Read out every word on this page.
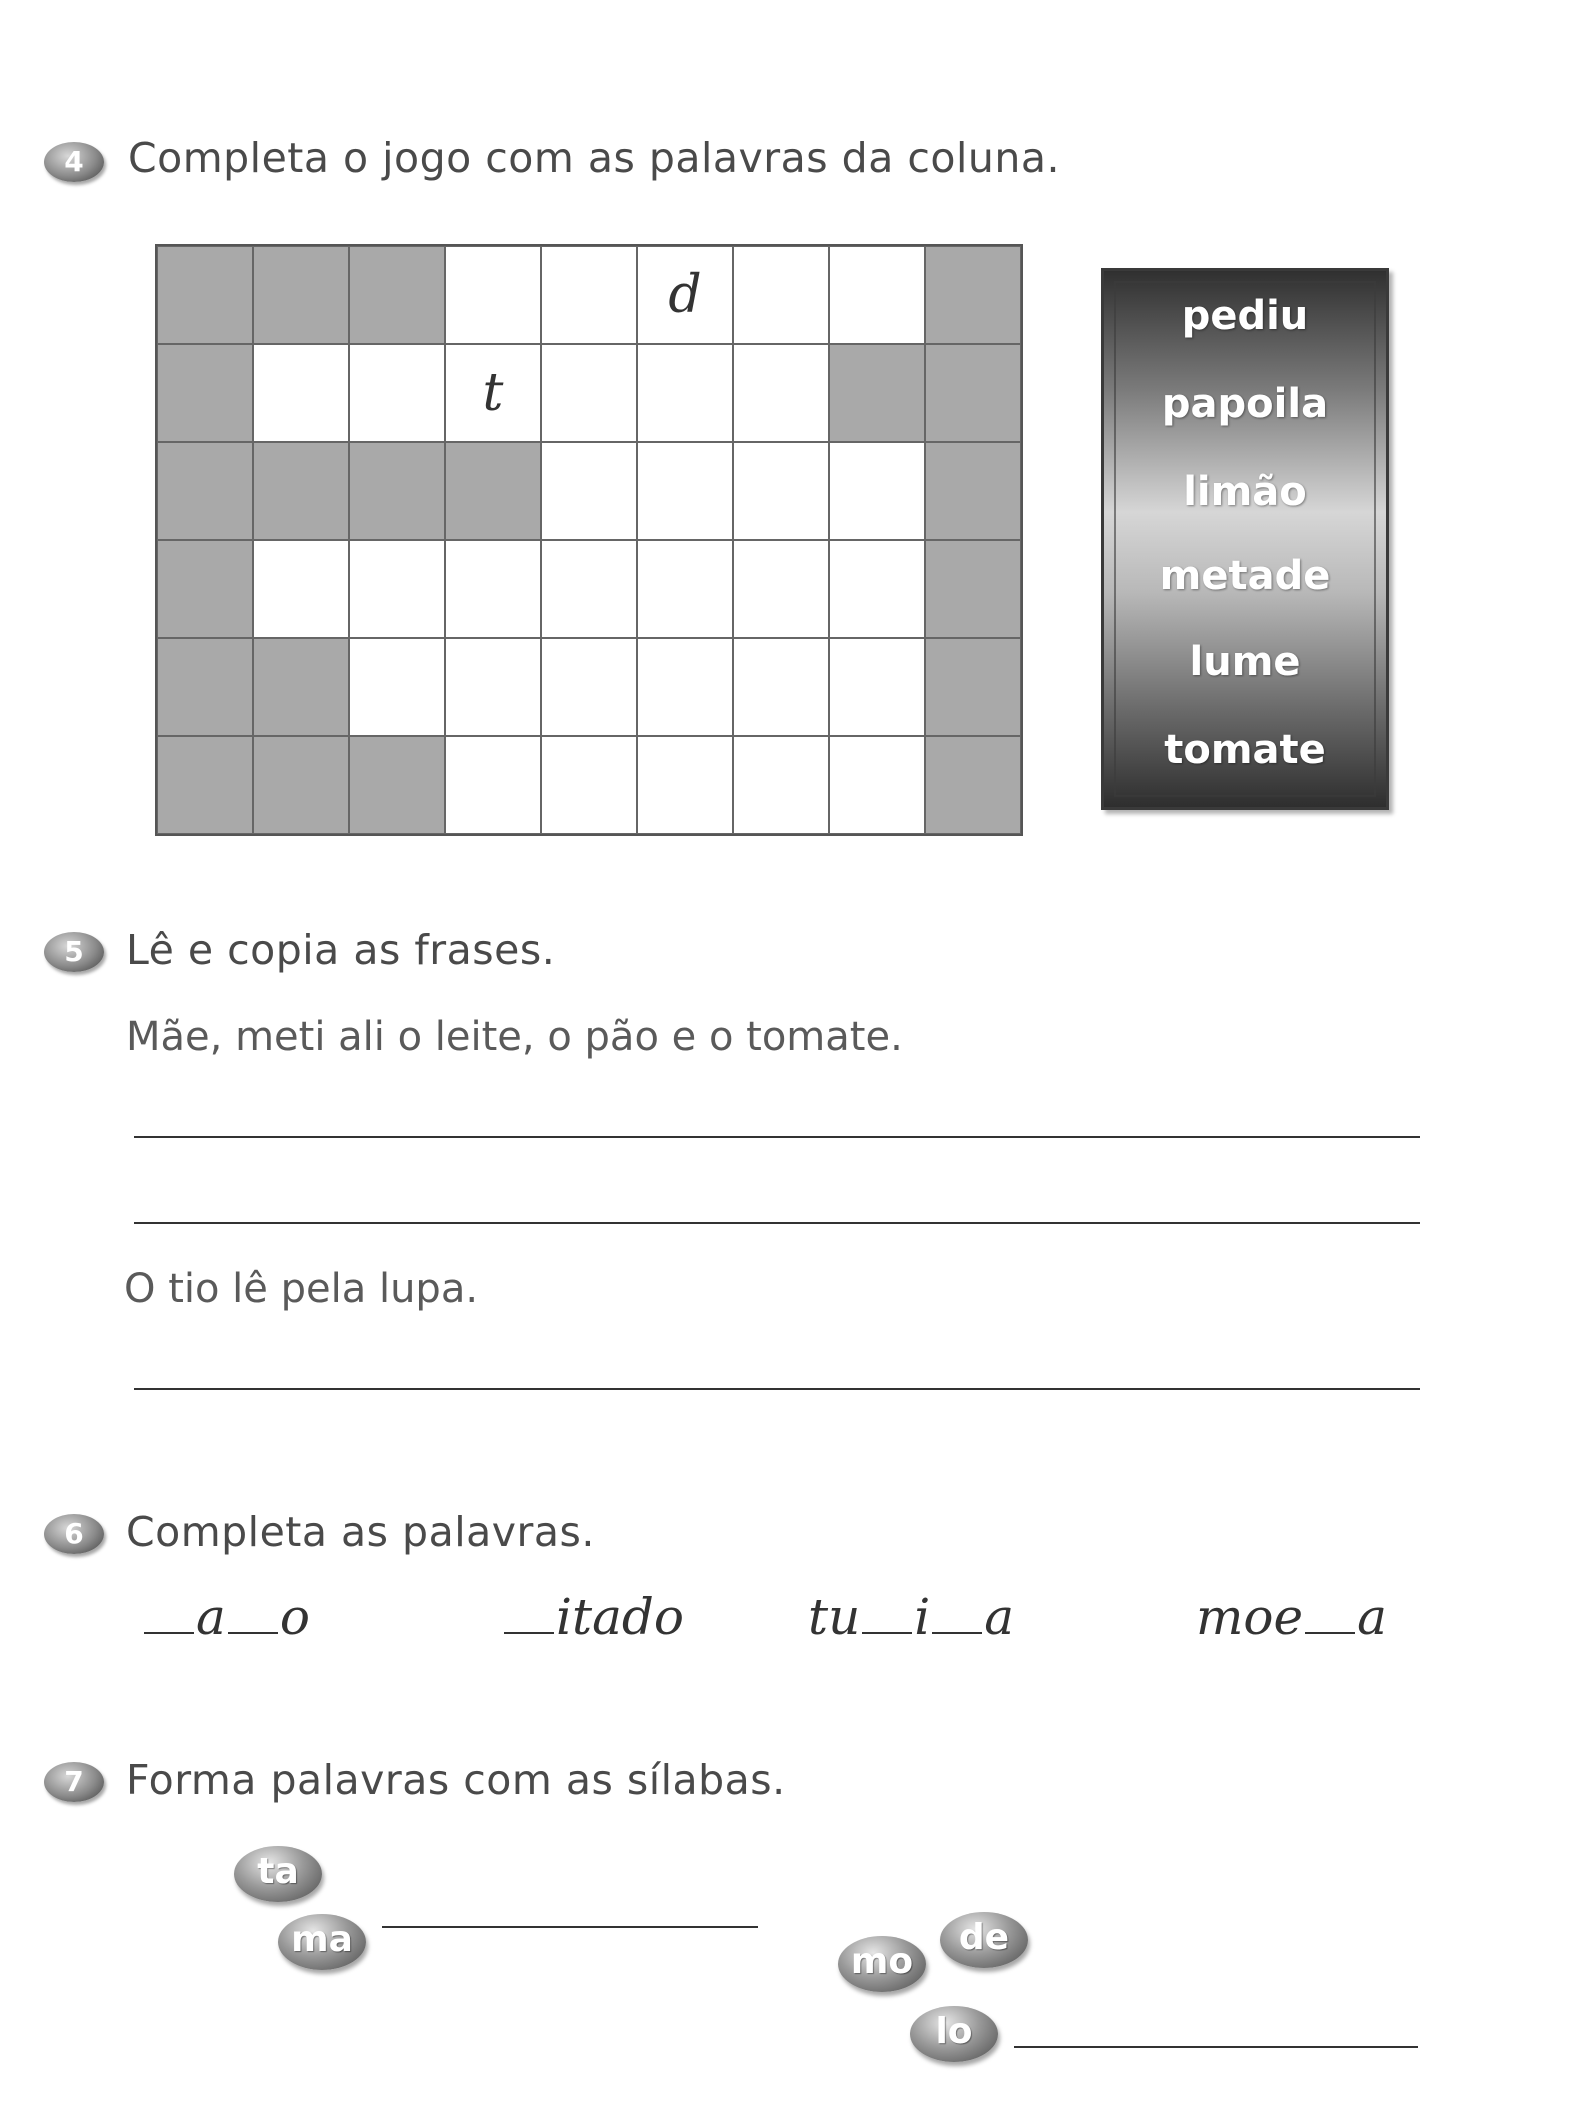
4	Completa o jogo com as palavras da coluna.
d
t
pediu
papoila
limão
metade
lume
tomate
5	Lê e copia as frases.
Mãe, meti ali o leite, o pão e o tomate.
O tio lê pela lupa.
6	Completa as palavras.
a o	itado tu i a	moe a
7	Forma palavras com as sílabas.
ta
ma	de
mo
lo
